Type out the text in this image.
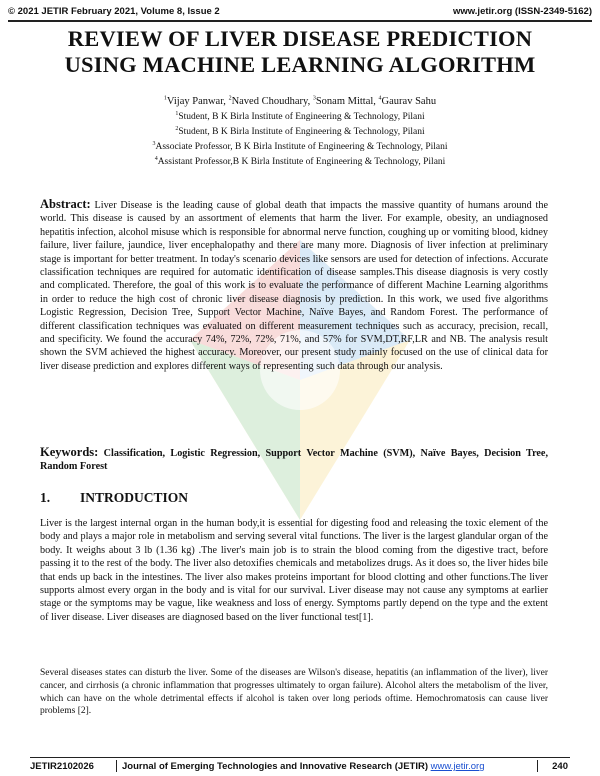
© 2021 JETIR February 2021, Volume 8, Issue 2	www.jetir.org (ISSN-2349-5162)
REVIEW OF LIVER DISEASE PREDICTION
USING MACHINE LEARNING ALGORITHM
$^1$Vijay Panwar, $^2$Naved Choudhary, $^3$Sonam Mittal, $^4$Gaurav Sahu
$^1$Student, B K Birla Institute of Engineering & Technology, Pilani
$^2$Student, B K Birla Institute of Engineering & Technology, Pilani
$^3$Associate Professor, B K Birla Institute of Engineering & Technology, Pilani
$^4$Assistant Professor,B K Birla Institute of Engineering & Technology, Pilani
Abstract: Liver Disease is the leading cause of global death that impacts the massive quantity of humans around the world. This disease is caused by an assortment of elements that harm the liver. For example, obesity, an undiagnosed hepatitis infection, alcohol misuse which is responsible for abnormal nerve function, coughing up or vomiting blood, kidney failure, liver failure, jaundice, liver encephalopathy and there are many more. Diagnosis of liver infection at preliminary stage is important for better treatment. In today's scenario devices like sensors are used for detection of infections. Accurate classification techniques are required for automatic identification of disease samples.This disease diagnosis is very costly and complicated. Therefore, the goal of this work is to evaluate the performance of different Machine Learning algorithms in order to reduce the high cost of chronic liver disease diagnosis by prediction. In this work, we used five algorithms Logistic Regression, Decision Tree, Support Vector Machine, Naïve Bayes, and Random Forest. The performance of different classification techniques was evaluated on different measurement techniques such as accuracy, precision, recall, and specificity. We found the accuracy 74%, 72%, 72%, 71%, and 57% for SVM,DT,RF,LR and NB. The analysis result shown the SVM achieved the highest accuracy. Moreover, our present study mainly focused on the use of clinical data for liver disease prediction and explores different ways of representing such data through our analysis.
Keywords: Classification, Logistic Regression, Support Vector Machine (SVM), Naïve Bayes, Decision Tree, Random Forest
1. INTRODUCTION
Liver is the largest internal organ in the human body,it is essential for digesting food and releasing the toxic element of the body and plays a major role in metabolism and serving several vital functions. The liver is the largest glandular organ of the body. It weighs about 3 lb (1.36 kg) .The liver's main job is to strain the blood coming from the digestive tract, before passing it to the rest of the body. The liver also detoxifies chemicals and metabolizes drugs. As it does so, the liver hides bile that ends up back in the intestines. The liver also makes proteins important for blood clotting and other functions.The liver supports almost every organ in the body and is vital for our survival. Liver disease may not cause any symptoms at earlier stage or the symptoms may be vague, like weakness and loss of energy. Symptoms partly depend on the type and the extent of liver disease. Liver diseases are diagnosed based on the liver functional test[1].
Several diseases states can disturb the liver. Some of the diseases are Wilson's disease, hepatitis (an inflammation of the liver), liver cancer, and cirrhosis (a chronic inflammation that progresses ultimately to organ failure). Alcohol alters the metabolism of the liver, which can have on the whole detrimental effects if alcohol is taken over long periods oftime. Hemochromatosis can cause liver problems [2].
JETIR2102026	Journal of Emerging Technologies and Innovative Research (JETIR) www.jetir.org	240
